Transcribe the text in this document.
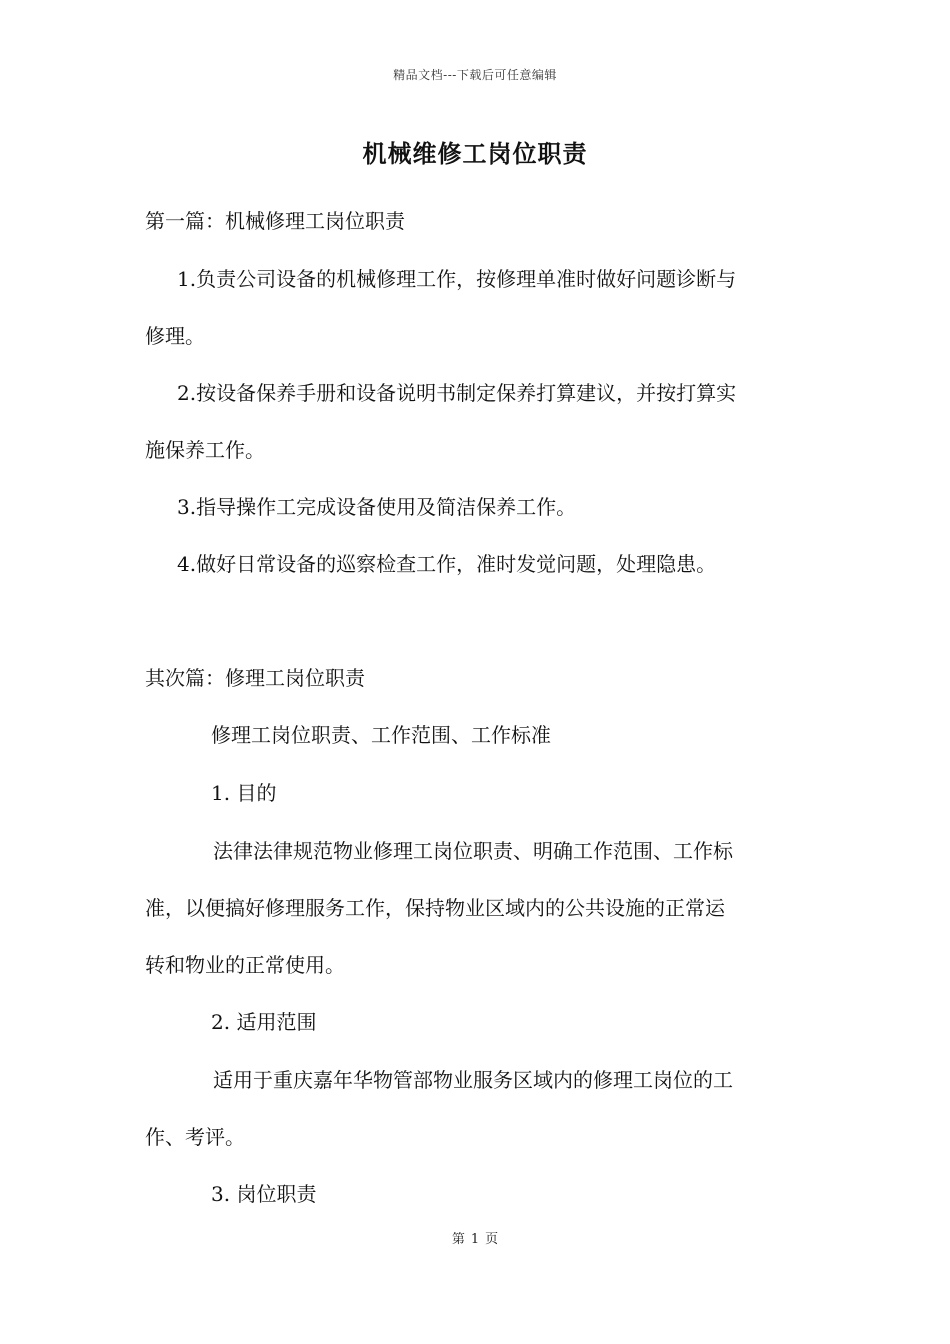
精品文档---下载后可任意编辑
机械维修工岗位职责
第一篇：机械修理工岗位职责
1.负责公司设备的机械修理工作，按修理单准时做好问题诊断与
修理。
2.按设备保养手册和设备说明书制定保养打算建议，并按打算实
施保养工作。
3.指导操作工完成设备使用及简洁保养工作。
4.做好日常设备的巡察检查工作，准时发觉问题，处理隐患。
其次篇：修理工岗位职责
修理工岗位职责、工作范围、工作标准
1. 目的
法律法律规范物业修理工岗位职责、明确工作范围、工作标
准，以便搞好修理服务工作，保持物业区域内的公共设施的正常运
转和物业的正常使用。
2. 适用范围
适用于重庆嘉年华物管部物业服务区域内的修理工岗位的工
作、考评。
3. 岗位职责
第 1 页
